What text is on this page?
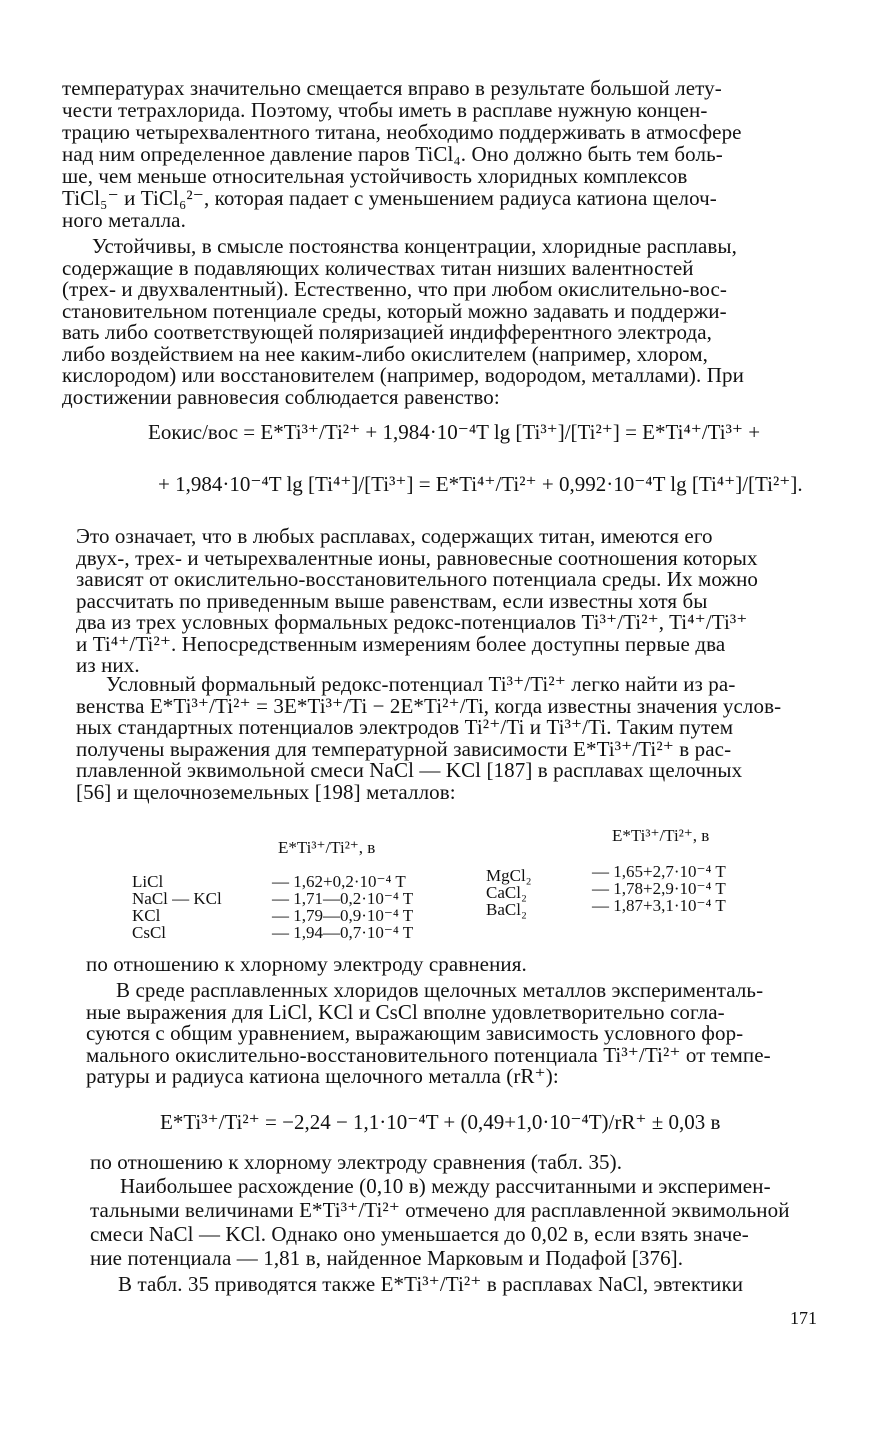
температурах значительно смещается вправо в результате большой лету-
чести тетрахлорида. Поэтому, чтобы иметь в расплаве нужную концен-
трацию четырехвалентного титана, необходимо поддерживать в атмосфере
над ним определенное давление паров TiCl₄. Оно должно быть тем боль-
ше, чем меньше относительная устойчивость хлоридных комплексов
TiCl₅⁻ и TiCl₆²⁻, которая падает с уменьшением радиуса катиона щелоч-
ного металла.
Устойчивы, в смысле постоянства концентрации, хлоридные расплавы,
содержащие в подавляющих количествах титан низших валентностей
(трех- и двухвалентный). Естественно, что при любом окислительно-вос-
становительном потенциале среды, который можно задавать и поддержи-
вать либо соответствующей поляризацией индифферентного электрода,
либо воздействием на нее каким-либо окислителем (например, хлором,
кислородом) или восстановителем (например, водородом, металлами). При
достижении равновесия соблюдается равенство:
Eокис/вос = E*Ti³⁺/Ti²⁺ + 1,984·10⁻⁴T lg [Ti³⁺]/[Ti²⁺] = E*Ti⁴⁺/Ti³⁺ +
+ 1,984·10⁻⁴T lg [Ti⁴⁺]/[Ti³⁺] = E*Ti⁴⁺/Ti²⁺ + 0,992·10⁻⁴T lg [Ti⁴⁺]/[Ti²⁺].
Это означает, что в любых расплавах, содержащих титан, имеются его
двух-, трех- и четырехвалентные ионы, равновесные соотношения которых
зависят от окислительно-восстановительного потенциала среды. Их можно
рассчитать по приведенным выше равенствам, если известны хотя бы
два из трех условных формальных редокс-потенциалов Ti³⁺/Ti²⁺, Ti⁴⁺/Ti³⁺
и Ti⁴⁺/Ti²⁺. Непосредственным измерениям более доступны первые два
из них.
Условный формальный редокс-потенциал Ti³⁺/Ti²⁺ легко найти из ра-
венства E*Ti³⁺/Ti²⁺ = 3E*Ti³⁺/Ti − 2E*Ti²⁺/Ti, когда известны значения услов-
ных стандартных потенциалов электродов Ti²⁺/Ti и Ti³⁺/Ti. Таким путем
получены выражения для температурной зависимости E*Ti³⁺/Ti²⁺ в рас-
плавленной эквимольной смеси NaCl — KCl [187] в расплавах щелочных
[56] и щелочноземельных [198] металлов:
E*Ti³⁺/Ti²⁺, в
E*Ti³⁺/Ti²⁺, в
LiCl	— 1,62+0,2·10⁻⁴ T
NaCl — KCl	— 1,71—0,2·10⁻⁴ T
KCl	— 1,79—0,9·10⁻⁴ T
CsCl	— 1,94—0,7·10⁻⁴ T
MgCl₂	— 1,65+2,7·10⁻⁴ T
CaCl₂	— 1,78+2,9·10⁻⁴ T
BaCl₂	— 1,87+3,1·10⁻⁴ T
по отношению к хлорному электроду сравнения.
В среде расплавленных хлоридов щелочных металлов эксперименталь-
ные выражения для LiCl, KCl и CsCl вполне удовлетворительно согла-
суются с общим уравнением, выражающим зависимость условного фор-
мального окислительно-восстановительного потенциала Ti³⁺/Ti²⁺ от темпе-
ратуры и радиуса катиона щелочного металла (rR⁺):
E*Ti³⁺/Ti²⁺ = −2,24 − 1,1·10⁻⁴T + (0,49+1,0·10⁻⁴T)/rR⁺ ± 0,03 в
по отношению к хлорному электроду сравнения (табл. 35).
Наибольшее расхождение (0,10 в) между рассчитанными и эксперимен-
тальными величинами E*Ti³⁺/Ti²⁺ отмечено для расплавленной эквимольной
смеси NaCl — KCl. Однако оно уменьшается до 0,02 в, если взять значе-
ние потенциала — 1,81 в, найденное Марковым и Подафой [376].
В табл. 35 приводятся также E*Ti³⁺/Ti²⁺ в расплавах NaCl, эвтектики
171
